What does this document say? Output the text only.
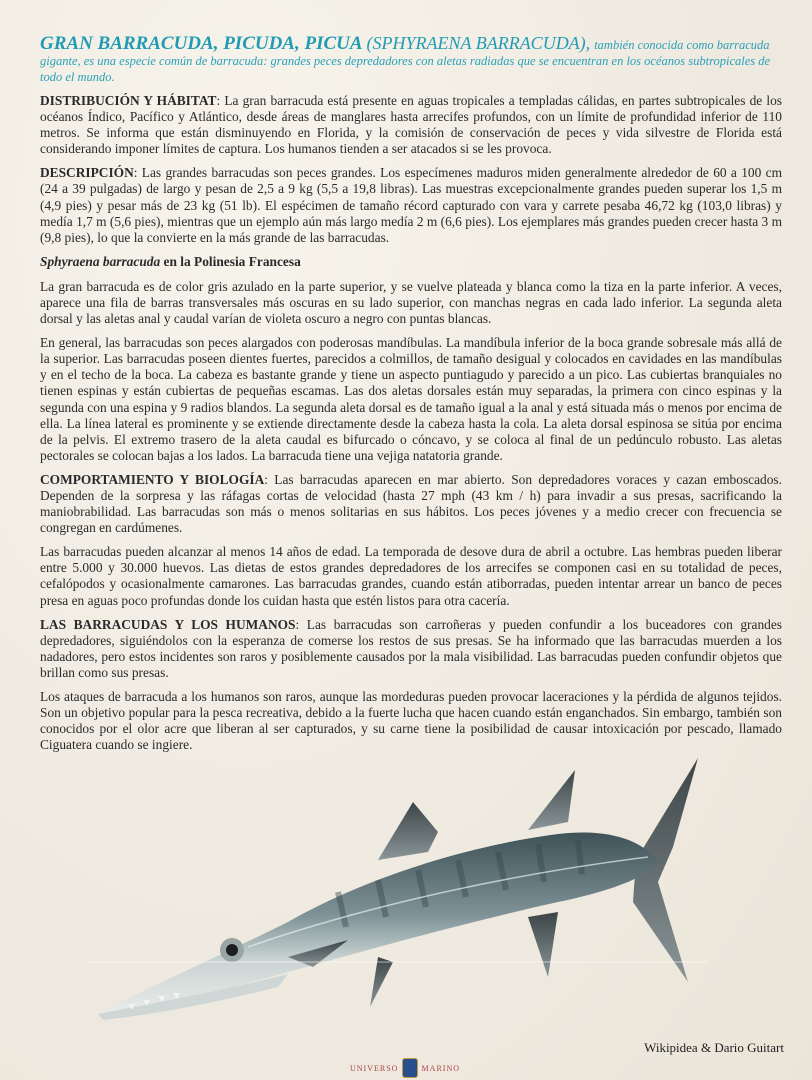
GRAN BARRACUDA, PICUDA, PICUA (SPHYRAENA BARRACUDA), también conocida como barracuda gigante, es una especie común de barracuda: grandes peces depredadores con aletas radiadas que se encuentran en los océanos subtropicales de todo el mundo.

DISTRIBUCIÓN Y HÁBITAT: La gran barracuda está presente en aguas tropicales a templadas cálidas, en partes subtropicales de los océanos Índico, Pacífico y Atlántico, desde áreas de manglares hasta arrecifes profundos, con un límite de profundidad inferior de 110 metros. Se informa que están disminuyendo en Florida, y la comisión de conservación de peces y vida silvestre de Florida está considerando imponer límites de captura. Los humanos tienden a ser atacados si se les provoca.

DESCRIPCIÓN: Las grandes barracudas son peces grandes. Los especímenes maduros miden generalmente alrededor de 60 a 100 cm (24 a 39 pulgadas) de largo y pesan de 2,5 a 9 kg (5,5 a 19,8 libras). Las muestras excepcionalmente grandes pueden superar los 1,5 m (4,9 pies) y pesar más de 23 kg (51 lb). El espécimen de tamaño récord capturado con vara y carrete pesaba 46,72 kg (103,0 libras) y medía 1,7 m (5,6 pies), mientras que un ejemplo aún más largo medía 2 m (6,6 pies). Los ejemplares más grandes pueden crecer hasta 3 m (9,8 pies), lo que la convierte en la más grande de las barracudas.

Sphyraena barracuda en la Polinesia Francesa

La gran barracuda es de color gris azulado en la parte superior, y se vuelve plateada y blanca como la tiza en la parte inferior. A veces, aparece una fila de barras transversales más oscuras en su lado superior, con manchas negras en cada lado inferior. La segunda aleta dorsal y las aletas anal y caudal varían de violeta oscuro a negro con puntas blancas.

En general, las barracudas son peces alargados con poderosas mandíbulas. La mandíbula inferior de la boca grande sobresale más allá de la superior. Las barracudas poseen dientes fuertes, parecidos a colmillos, de tamaño desigual y colocados en cavidades en las mandíbulas y en el techo de la boca. La cabeza es bastante grande y tiene un aspecto puntiagudo y parecido a un pico. Las cubiertas branquiales no tienen espinas y están cubiertas de pequeñas escamas. Las dos aletas dorsales están muy separadas, la primera con cinco espinas y la segunda con una espina y 9 radios blandos. La segunda aleta dorsal es de tamaño igual a la anal y está situada más o menos por encima de ella. La línea lateral es prominente y se extiende directamente desde la cabeza hasta la cola. La aleta dorsal espinosa se sitúa por encima de la pelvis. El extremo trasero de la aleta caudal es bifurcado o cóncavo, y se coloca al final de un pedúnculo robusto. Las aletas pectorales se colocan bajas a los lados. La barracuda tiene una vejiga natatoria grande.

COMPORTAMIENTO Y BIOLOGÍA: Las barracudas aparecen en mar abierto. Son depredadores voraces y cazan emboscados. Dependen de la sorpresa y las ráfagas cortas de velocidad (hasta 27 mph (43 km / h) para invadir a sus presas, sacrificando la maniobrabilidad. Las barracudas son más o menos solitarias en sus hábitos. Los peces jóvenes y a medio crecer con frecuencia se congregan en cardúmenes.

Las barracudas pueden alcanzar al menos 14 años de edad. La temporada de desove dura de abril a octubre. Las hembras pueden liberar entre 5.000 y 30.000 huevos. Las dietas de estos grandes depredadores de los arrecifes se componen casi en su totalidad de peces, cefalópodos y ocasionalmente camarones. Las barracudas grandes, cuando están atiborradas, pueden intentar arrear un banco de peces presa en aguas poco profundas donde los cuidan hasta que estén listos para otra cacería.

LAS BARRACUDAS Y LOS HUMANOS: Las barracudas son carroñeras y pueden confundir a los buceadores con grandes depredadores, siguiéndolos con la esperanza de comerse los restos de sus presas. Se ha informado que las barracudas muerden a los nadadores, pero estos incidentes son raros y posiblemente causados por la mala visibilidad. Las barracudas pueden confundir objetos que brillan como sus presas.

Los ataques de barracuda a los humanos son raros, aunque las mordeduras pueden provocar laceraciones y la pérdida de algunos tejidos. Son un objetivo popular para la pesca recreativa, debido a la fuerte lucha que hacen cuando están enganchados. Sin embargo, también son conocidos por el olor acre que liberan al ser capturados, y su carne tiene la posibilidad de causar intoxicación por pescado, llamado Ciguatera cuando se ingiere.

Wikipidea & Dario Guitart
UNIVERSO	MARINO
